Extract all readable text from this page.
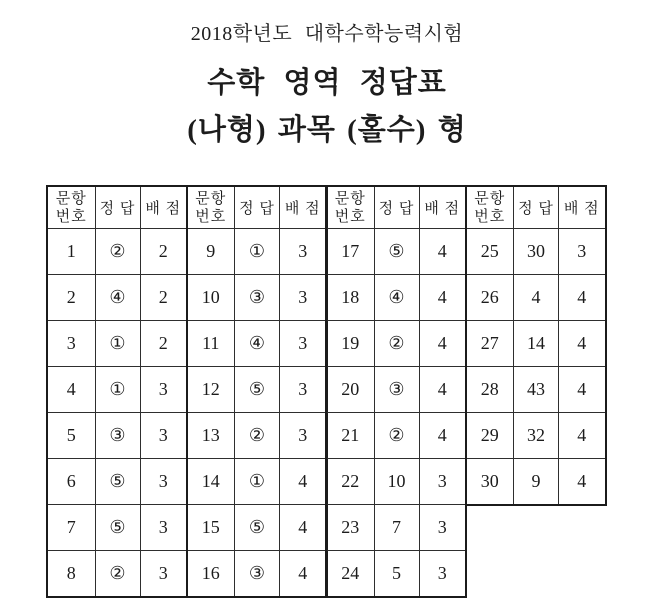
2018학년도 대학수학능력시험
수학 영역 정답표
(나형) 과목 (홀수) 형
문항
번호	정 답	배 점
1	②	2
2	④	2
3	①	2
4	①	3
5	③	3
6	⑤	3
7	⑤	3
8	②	3
문항
번호	정 답	배 점
9	①	3
10	③	3
11	④	3
12	⑤	3
13	②	3
14	①	4
15	⑤	4
16	③	4
문항
번호	정 답	배 점
17	⑤	4
18	④	4
19	②	4
20	③	4
21	②	4
22	10	3
23	7	3
24	5	3
문항
번호	정 답	배 점
25	30	3
26	4	4
27	14	4
28	43	4
29	32	4
30	9	4
